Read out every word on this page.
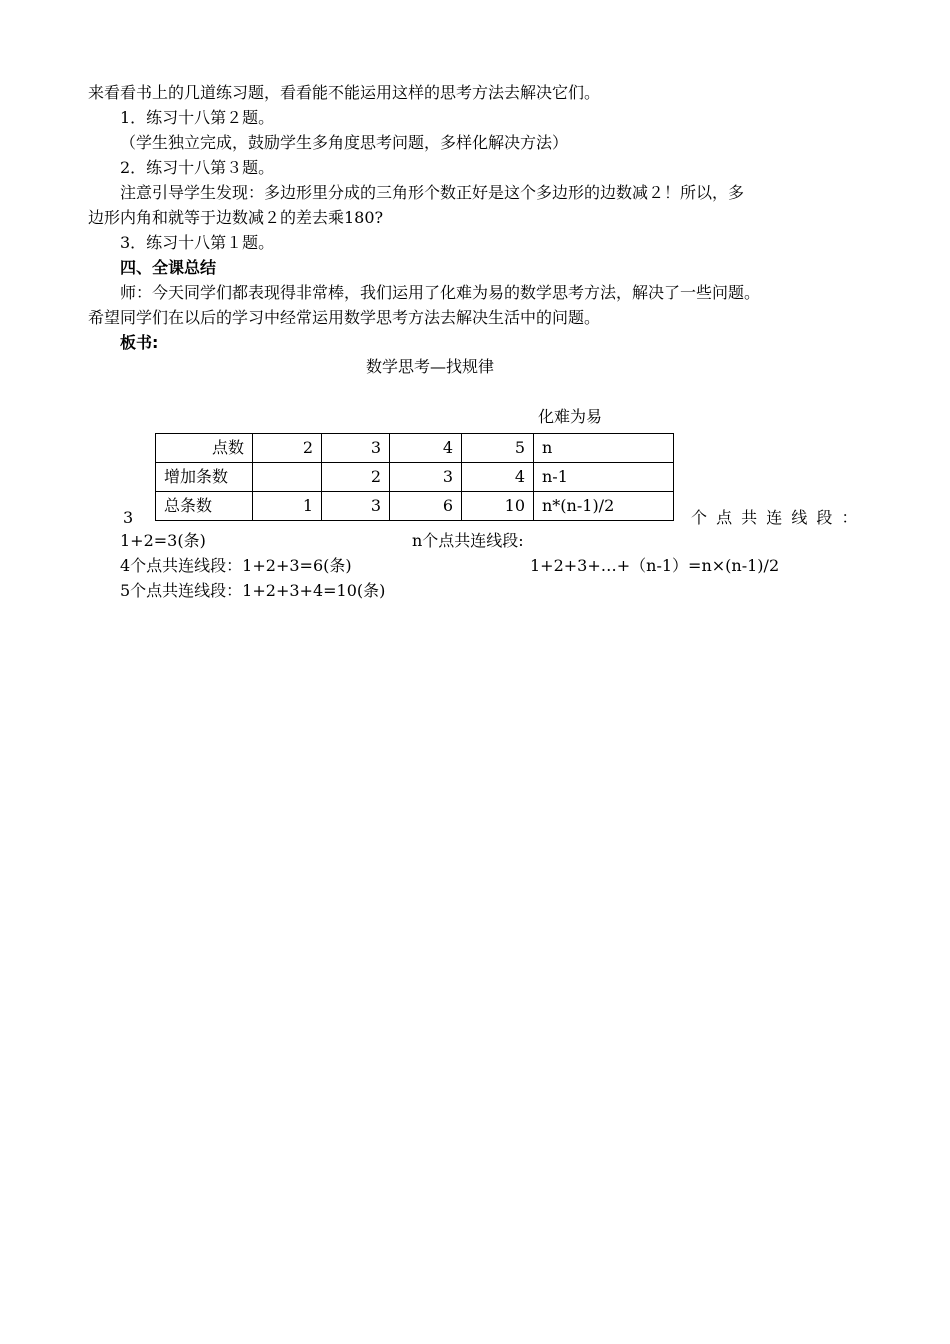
来看看书上的几道练习题，看看能不能运用这样的思考方法去解决它们。
1．练习十八第２题。
（学生独立完成，鼓励学生多角度思考问题，多样化解决方法）
2．练习十八第３题。
注意引导学生发现：多边形里分成的三角形个数正好是这个多边形的边数减２！所以，多
边形内角和就等于边数减２的差去乘180?
3．练习十八第１题。
四、全课总结
师：今天同学们都表现得非常棒，我们运用了化难为易的数学思考方法，解决了一些问题。
希望同学们在以后的学习中经常运用数学思考方法去解决生活中的问题。
板书:
数学思考—找规律
化难为易
点数	2	3	4	5	n
增加条数		2	3	4	n-1
总条数	1	3	6	10	n*(n-1)/2
3	个 点 共 连 线 段 ：
1+2=3(条)	n个点共连线段:
4个点共连线段：1+2+3=6(条)	1+2+3+…+（n-1）=n×(n-1)/2
5个点共连线段：1+2+3+4=10(条)
